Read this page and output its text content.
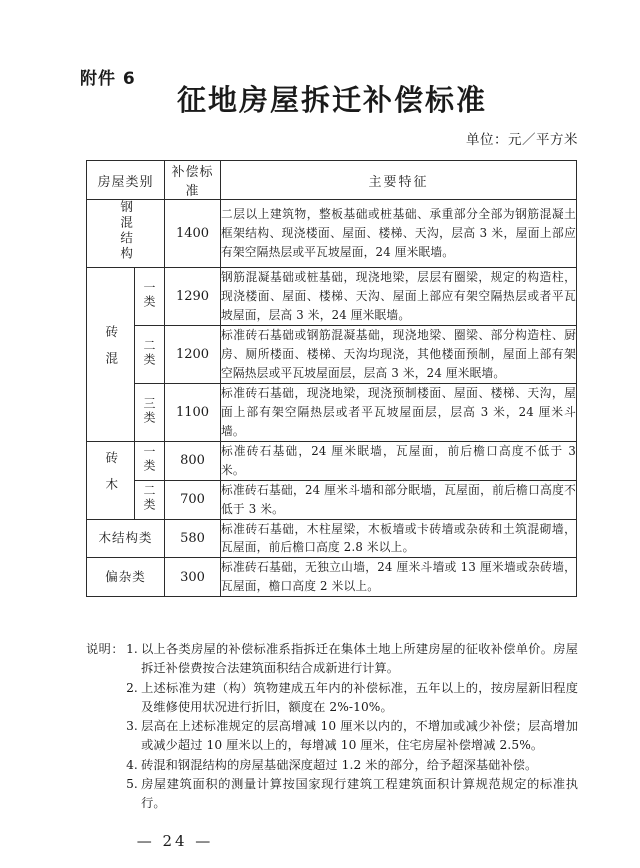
附件 6
征地房屋拆迁补偿标准
单位：元／平方米
房屋类别		补偿标准	主要特征
钢混结构		1400	二层以上建筑物，整板基础或桩基础、承重部分全部为钢筋混凝土框架结构、现浇楼面、屋面、楼梯、天沟，层高 3 米，屋面上部应有架空隔热层或平瓦坡屋面，24 厘米眠墙。
砖混	一类	1290	钢筋混凝基础或桩基础，现浇地梁，层层有圈梁，规定的构造柱，现浇楼面、屋面、楼梯、天沟、屋面上部应有架空隔热层或者平瓦坡屋面，层高 3 米，24 厘米眠墙。
	二类	1200	标准砖石基础或钢筋混凝基础，现浇地梁、圈梁、部分构造柱、厨房、厕所楼面、楼梯、天沟均现浇，其他楼面预制，屋面上部有架空隔热层或平瓦坡屋面层，层高 3 米，24 厘米眠墙。
	三类	1100	标准砖石基础，现浇地梁，现浇预制楼面、屋面、楼梯、天沟，屋面上部有架空隔热层或者平瓦坡屋面层，层高 3 米，24 厘米斗墙。
砖木	一类	800	标准砖石基础，24 厘米眠墙，瓦屋面，前后檐口高度不低于 3 米。
	二类	700	标准砖石基础，24 厘米斗墙和部分眠墙，瓦屋面，前后檐口高度不低于 3 米。
木结构类		580	标准砖石基础，木柱屋梁，木板墙或卡砖墙或杂砖和土筑混砌墙，瓦屋面，前后檐口高度 2.8 米以上。
偏杂类		300	标准砖石基础，无独立山墙，24 厘米斗墙或 13 厘米墙或杂砖墙，瓦屋面，檐口高度 2 米以上。
说明： 1. 以上各类房屋的补偿标准系指拆迁在集体土地上所建房屋的征收补偿单价。房屋拆迁补偿费按合法建筑面积结合成新进行计算。
2. 上述标准为建（构）筑物建成五年内的补偿标准，五年以上的，按房屋新旧程度及维修使用状况进行折旧，额度在 2%-10%。
3. 层高在上述标准规定的层高增减 10 厘米以内的，不增加或减少补偿；层高增加或减少超过 10 厘米以上的，每增减 10 厘米，住宅房屋补偿增减 2.5%。
4. 砖混和钢混结构的房屋基础深度超过 1.2 米的部分，给予超深基础补偿。
5. 房屋建筑面积的测量计算按国家现行建筑工程建筑面积计算规范规定的标准执行。
— 24 —
